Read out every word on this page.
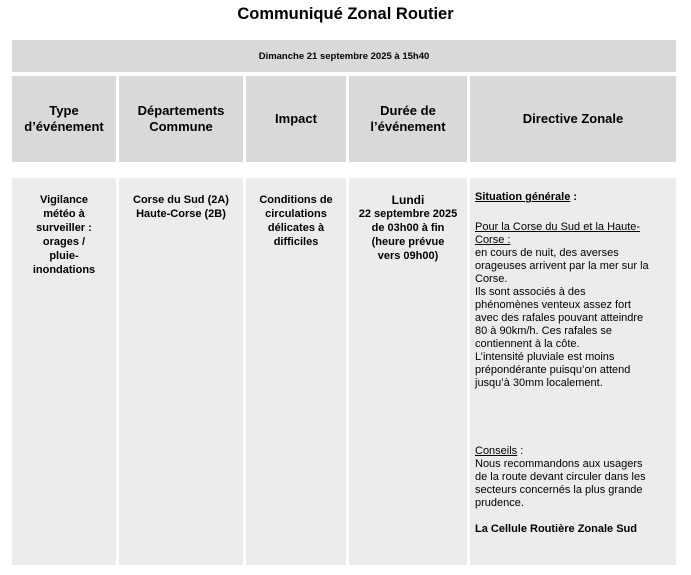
Communiqué Zonal Routier
Dimanche 21 septembre 2025 à 15h40
Type
d’événement
Départements
Commune
Impact
Durée de
l’événement
Directive Zonale
Vigilance
météo à
surveiller :
orages /
pluie-
inondations
Corse du Sud (2A)
Haute-Corse (2B)
Conditions de
circulations
délicates à
difficiles
Lundi
22 septembre 2025
de 03h00 à fin
(heure prévue
vers 09h00)
Situation générale :
Pour la Corse du Sud et la Haute-
Corse :
en cours de nuit, des averses
orageuses arrivent par la mer sur la
Corse.
Ils sont associés à des
phénomènes venteux assez fort
avec des rafales pouvant atteindre
80 à 90km/h. Ces rafales se
contiennent à la côte.
L’intensité pluviale est moins
prépondérante puisqu’on attend
jusqu’à 30mm localement.
Conseils :
Nous recommandons aux usagers
de la route devant circuler dans les
secteurs concernés la plus grande
prudence.
La Cellule Routière Zonale Sud
